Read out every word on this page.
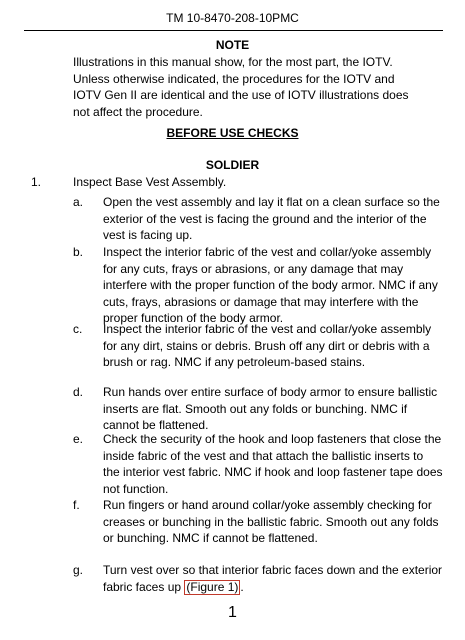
TM 10-8470-208-10PMC
NOTE
Illustrations in this manual show, for the most part, the IOTV. Unless otherwise indicated, the procedures for the IOTV and IOTV Gen II are identical and the use of IOTV illustrations does not affect the procedure.
BEFORE USE CHECKS
SOLDIER
1.	Inspect Base Vest Assembly.
a. Open the vest assembly and lay it flat on a clean surface so the exterior of the vest is facing the ground and the interior of the vest is facing up.
b. Inspect the interior fabric of the vest and collar/yoke assembly for any cuts, frays or abrasions, or any damage that may interfere with the proper function of the body armor. NMC if any cuts, frays, abrasions or damage that may interfere with the proper function of the body armor.
c. Inspect the interior fabric of the vest and collar/yoke assembly for any dirt, stains or debris. Brush off any dirt or debris with a brush or rag. NMC if any petroleum-based stains.
d. Run hands over entire surface of body armor to ensure ballistic inserts are flat. Smooth out any folds or bunching. NMC if cannot be flattened.
e. Check the security of the hook and loop fasteners that close the inside fabric of the vest and that attach the ballistic inserts to the interior vest fabric. NMC if hook and loop fastener tape does not function.
f. Run fingers or hand around collar/yoke assembly checking for creases or bunching in the ballistic fabric. Smooth out any folds or bunching. NMC if cannot be flattened.
g. Turn vest over so that interior fabric faces down and the exterior fabric faces up (Figure 1) .
1
